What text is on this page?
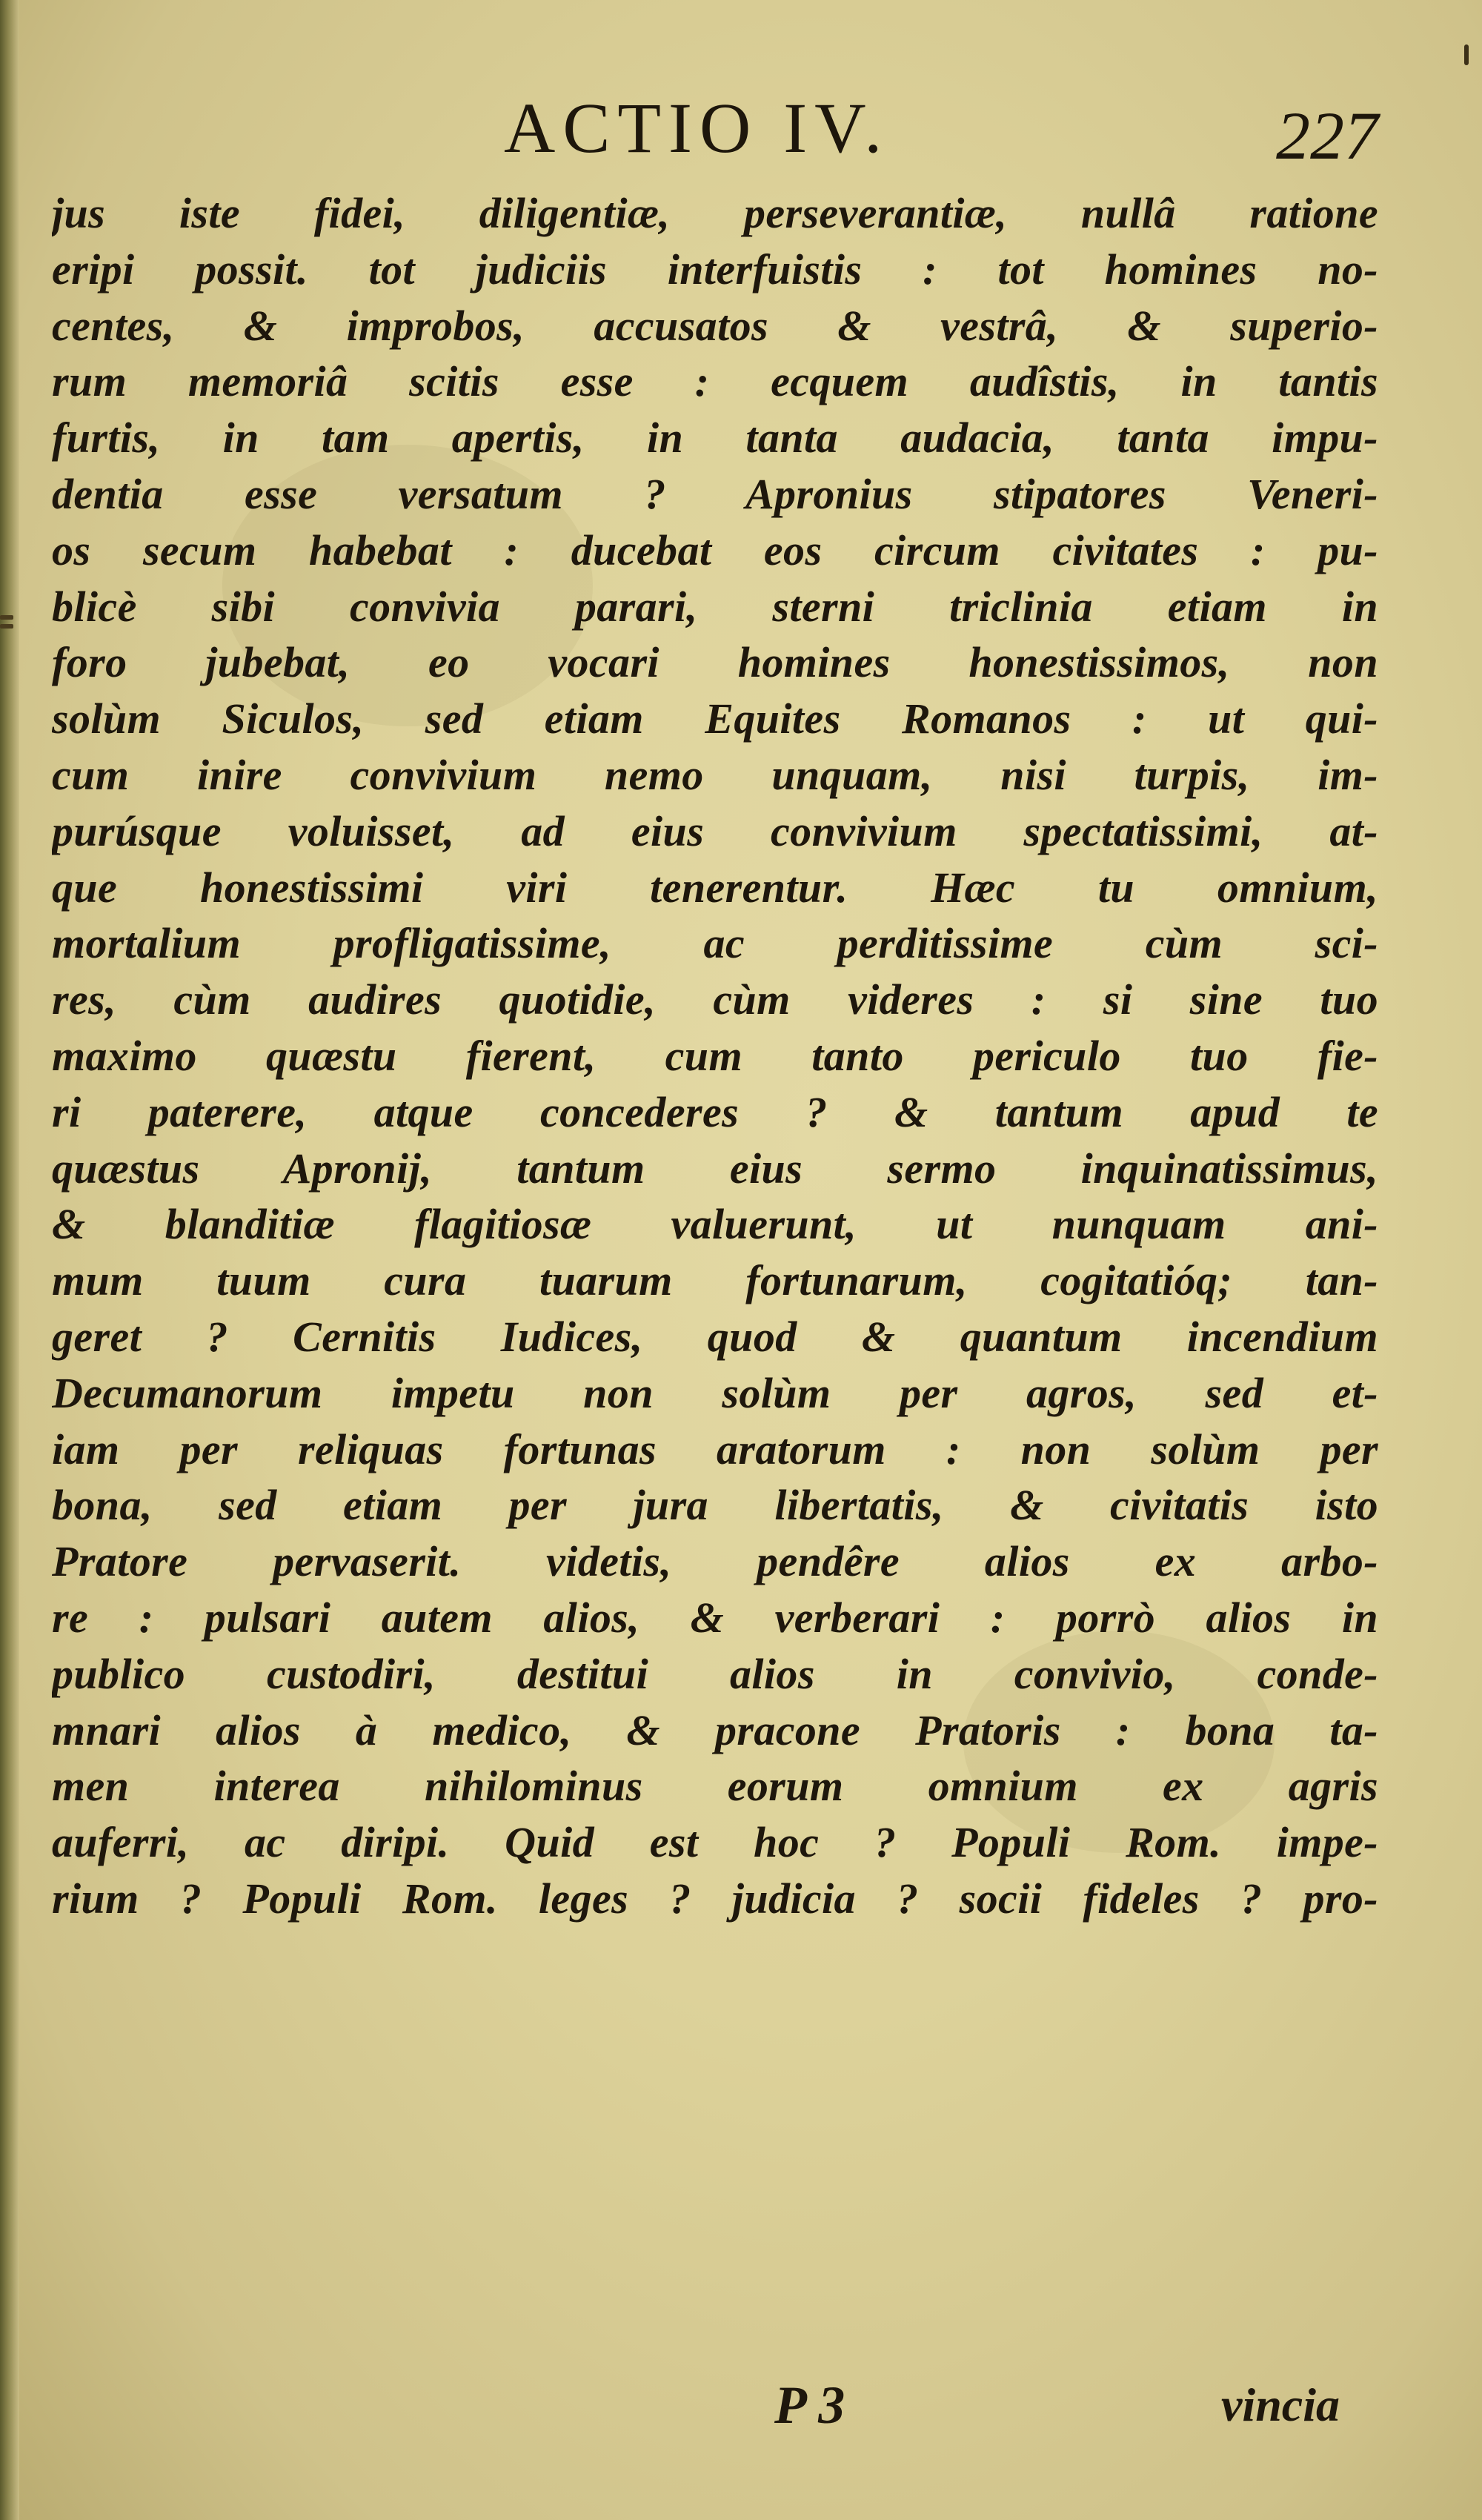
ACTIO IV.	227
jus iste fidei, diligentiæ, perseverantiæ, nullâ ratione
eripi possit. tot judiciis interfuistis : tot homines no-
centes, & improbos, accusatos & vestrâ, & superio-
rum memoriâ scitis esse : ecquem audîstis, in tantis
furtis, in tam apertis, in tanta audacia, tanta impu-
dentia esse versatum ? Apronius stipatores Veneri-
os secum habebat : ducebat eos circum civitates : pu-
blicè sibi convivia parari, sterni triclinia etiam in
foro jubebat, eo vocari homines honestissimos, non
solùm Siculos, sed etiam Equites Romanos : ut qui-
cum inire convivium nemo unquam, nisi turpis, im-
purúsque voluisset, ad eius convivium spectatissimi, at-
que honestissimi viri tenerentur. Hæc tu omnium,
mortalium profligatissime, ac perditissime cùm sci-
res, cùm audires quotidie, cùm videres : si sine tuo
maximo quæstu fierent, cum tanto periculo tuo fie-
ri paterere, atque concederes ? & tantum apud te
quæstus Apronij, tantum eius sermo inquinatissimus,
& blanditiæ flagitiosæ valuerunt, ut nunquam ani-
mum tuum cura tuarum fortunarum, cogitatióq; tan-
geret ? Cernitis Iudices, quod & quantum incendium
Decumanorum impetu non solùm per agros, sed et-
iam per reliquas fortunas aratorum : non solùm per
bona, sed etiam per jura libertatis, & civitatis isto
Pratore pervaserit. videtis, pendêre alios ex arbo-
re : pulsari autem alios, & verberari : porrò alios in
publico custodiri, destitui alios in convivio, conde-
mnari alios à medico, & pracone Pratoris : bona ta-
men interea nihilominus eorum omnium ex agris
auferri, ac diripi. Quid est hoc ? Populi Rom. impe-
rium ? Populi Rom. leges ? judicia ? socii fideles ? pro-
P 3	vincia
